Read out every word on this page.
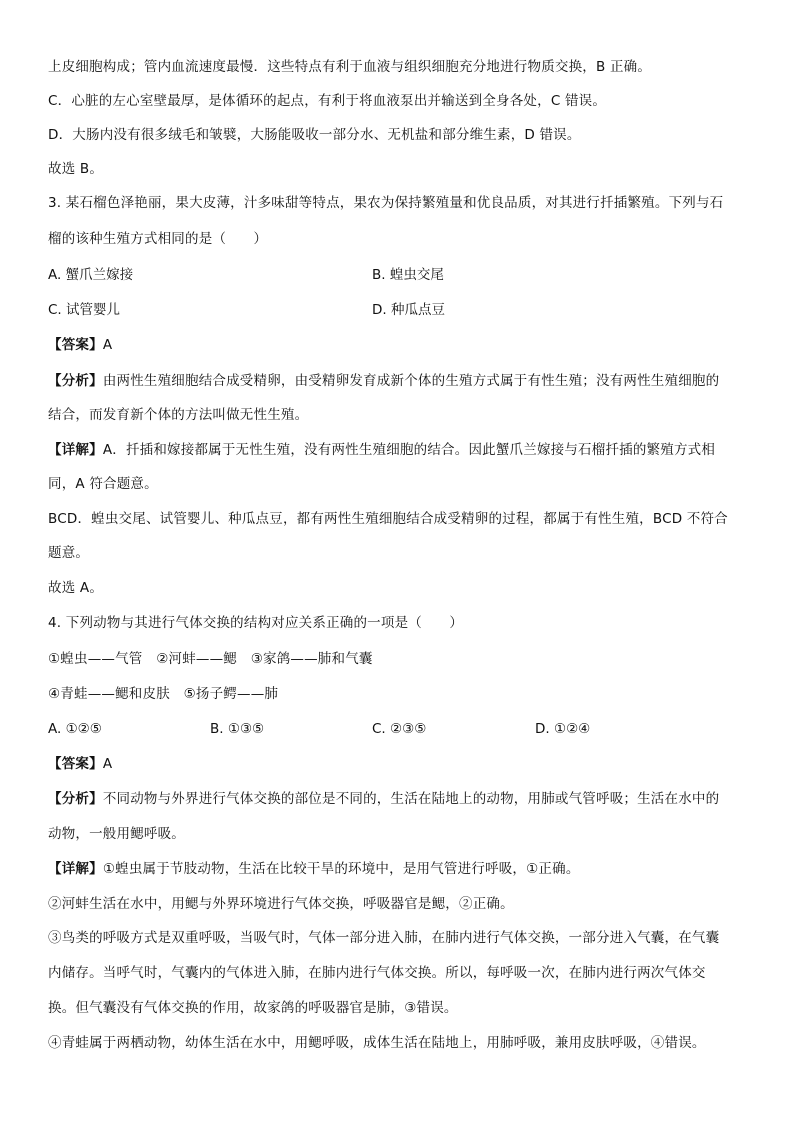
上皮细胞构成；管内血流速度最慢．这些特点有利于血液与组织细胞充分地进行物质交换，B 正确。
C．心脏的左心室壁最厚，是体循环的起点，有利于将血液泵出并输送到全身各处，C 错误。
D．大肠内没有很多绒毛和皱襞，大肠能吸收一部分水、无机盐和部分维生素，D 错误。
故选 B。
3. 某石榴色泽艳丽，果大皮薄，汁多味甜等特点，果农为保持繁殖量和优良品质，对其进行扦插繁殖。下列与石
榴的该种生殖方式相同的是（　　）
A. 蟹爪兰嫁接	B. 蝗虫交尾
C. 试管婴儿	D. 种瓜点豆
【答案】A
【分析】由两性生殖细胞结合成受精卵，由受精卵发育成新个体的生殖方式属于有性生殖；没有两性生殖细胞的
结合，而发育新个体的方法叫做无性生殖。
【详解】A．扦插和嫁接都属于无性生殖，没有两性生殖细胞的结合。因此蟹爪兰嫁接与石榴扦插的繁殖方式相
同，A 符合题意。
BCD．蝗虫交尾、试管婴儿、种瓜点豆，都有两性生殖细胞结合成受精卵的过程，都属于有性生殖，BCD 不符合
题意。
故选 A。
4. 下列动物与其进行气体交换的结构对应关系正确的一项是（　　）
①蝗虫——气管　②河蚌——鳃　③家鸽——肺和气囊
④青蛙——鳃和皮肤　⑤扬子鳄——肺
A. ①②⑤	B. ①③⑤	C. ②③⑤	D. ①②④
【答案】A
【分析】不同动物与外界进行气体交换的部位是不同的，生活在陆地上的动物，用肺或气管呼吸；生活在水中的
动物，一般用鳃呼吸。
【详解】①蝗虫属于节肢动物，生活在比较干旱的环境中，是用气管进行呼吸，①正确。
②河蚌生活在水中，用鳃与外界环境进行气体交换，呼吸器官是鳃，②正确。
③鸟类的呼吸方式是双重呼吸，当吸气时，气体一部分进入肺，在肺内进行气体交换，一部分进入气囊，在气囊
内储存。当呼气时，气囊内的气体进入肺，在肺内进行气体交换。所以，每呼吸一次，在肺内进行两次气体交
换。但气囊没有气体交换的作用，故家鸽的呼吸器官是肺，③错误。
④青蛙属于两栖动物，幼体生活在水中，用鳃呼吸，成体生活在陆地上，用肺呼吸，兼用皮肤呼吸，④错误。
